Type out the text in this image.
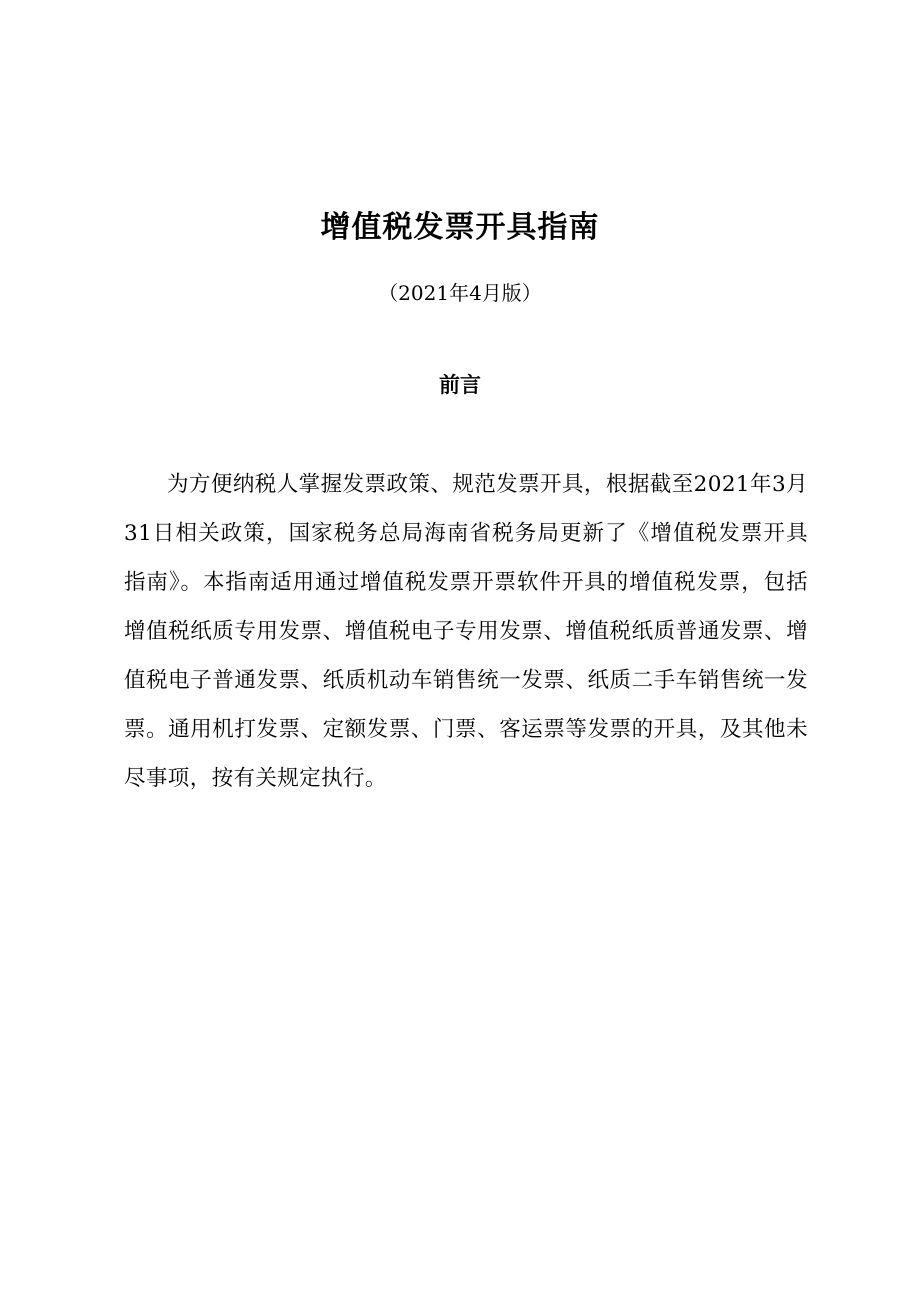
增值税发票开具指南
（2021年4月版）
前言

为方便纳税人掌握发票政策、规范发票开具，根据截至2021年3月31日相关政策，国家税务总局海南省税务局更新了《增值税发票开具指南》。本指南适用通过增值税发票开票软件开具的增值税发票，包括增值税纸质专用发票、增值税电子专用发票、增值税纸质普通发票、增值税电子普通发票、纸质机动车销售统一发票、纸质二手车销售统一发票。通用机打发票、定额发票、门票、客运票等发票的开具，及其他未尽事项，按有关规定执行。
